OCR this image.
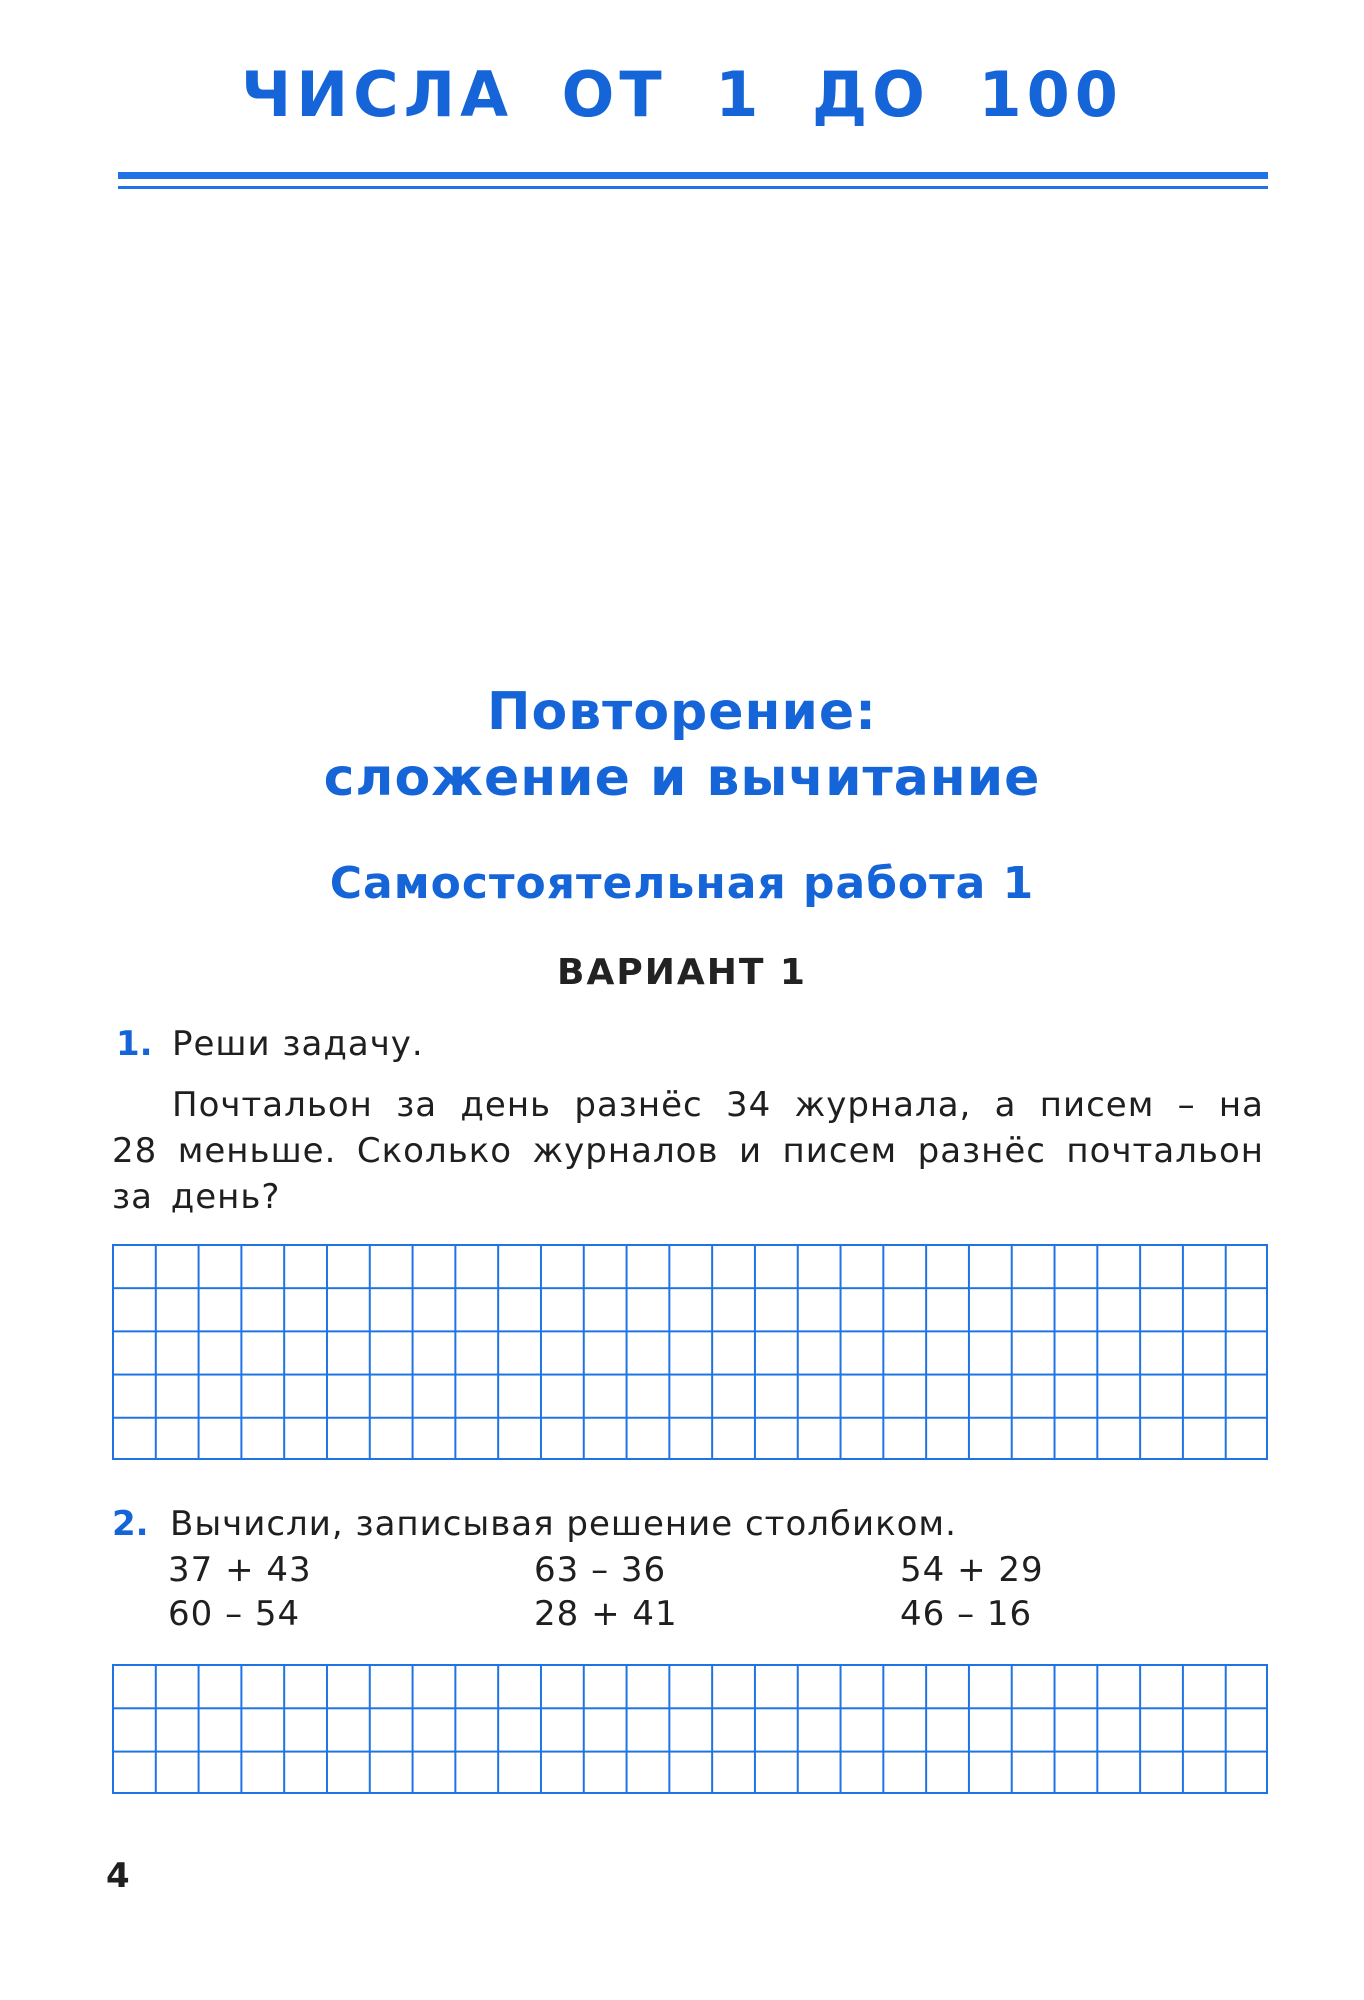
ЧИСЛА ОТ 1 ДО 100
Повторение:
сложение и вычитание
Самостоятельная работа 1
ВАРИАНТ 1
1. Реши задачу.
Почтальон за день разнёс 34 журнала, а писем – на 28 меньше. Сколько журналов и писем разнёс почтальон за день?
2. Вычисли, записывая решение столбиком.
37 + 43	63 – 36	54 + 29
60 – 54	28 + 41	46 – 16
4
